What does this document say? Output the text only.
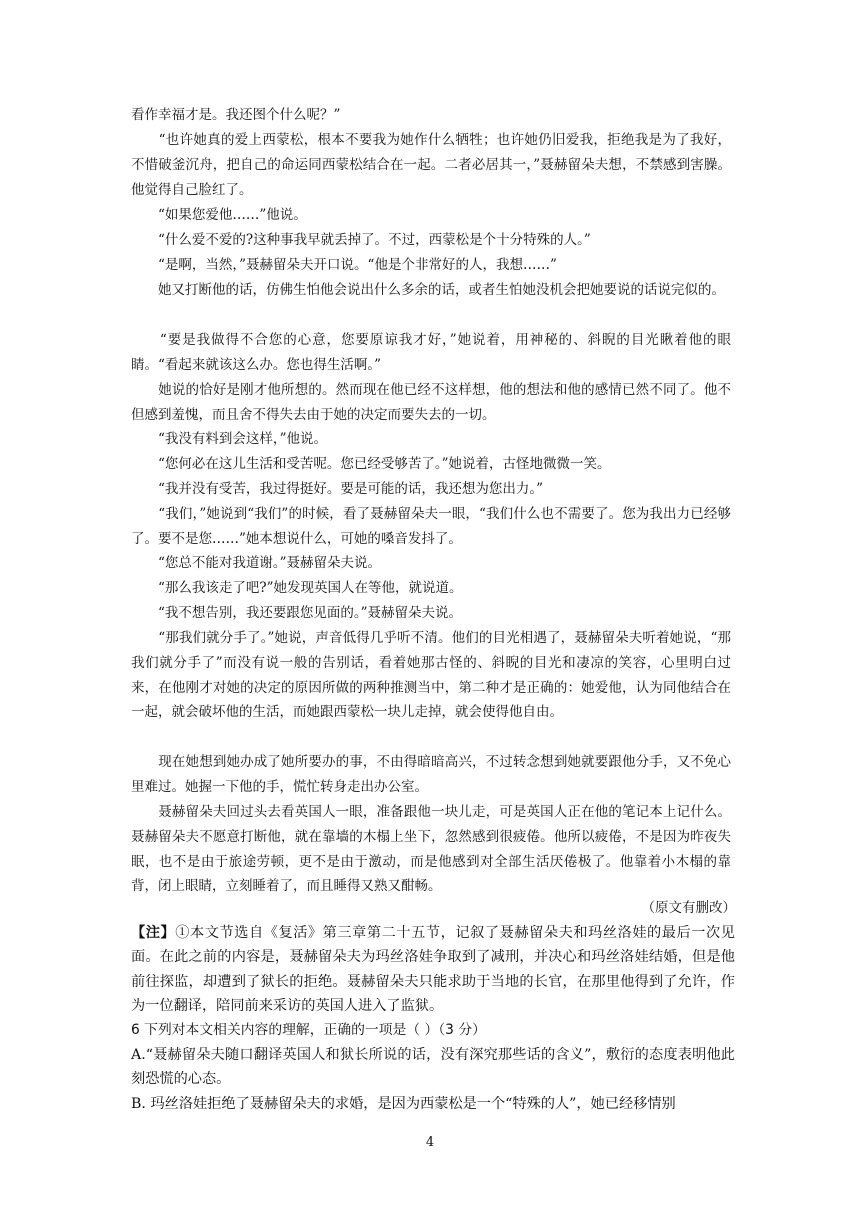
看作幸福才是。我还图个什么呢？”

　　“也许她真的爱上西蒙松，根本不要我为她作什么牺牲；也许她仍旧爱我，拒绝我是为了我好，不惜破釜沉舟，把自己的命运同西蒙松结合在一起。二者必居其一，”聂赫留朵夫想，不禁感到害臊。他觉得自己脸红了。

　　“如果您爱他……”他说。

　　“什么爱不爱的?这种事我早就丢掉了。不过，西蒙松是个十分特殊的人。”

　　“是啊，当然，”聂赫留朵夫开口说。“他是个非常好的人，我想……”

　　她又打断他的话，仿佛生怕他会说出什么多余的话，或者生怕她没机会把她要说的话说完似的。

　　“要是我做得不合您的心意，您要原谅我才好，”她说着，用神秘的、斜睨的目光瞅着他的眼睛。“看起来就该这么办。您也得生活啊。”

　　她说的恰好是刚才他所想的。然而现在他已经不这样想，他的想法和他的感情已然不同了。他不但感到羞愧，而且舍不得失去由于她的决定而要失去的一切。

　　“我没有料到会这样，”他说。

　　“您何必在这儿生活和受苦呢。您已经受够苦了。”她说着，古怪地微微一笑。

　　“我并没有受苦，我过得挺好。要是可能的话，我还想为您出力。”

　　“我们，”她说到“我们”的时候，看了聂赫留朵夫一眼，“我们什么也不需要了。您为我出力已经够了。要不是您……”她本想说什么，可她的嗓音发抖了。

　　“您总不能对我道谢。”聂赫留朵夫说。

　　“那么我该走了吧?”她发现英国人在等他，就说道。

　　“我不想告别，我还要跟您见面的。”聂赫留朵夫说。

　　“那我们就分手了。”她说，声音低得几乎听不清。他们的目光相遇了，聂赫留朵夫听着她说，“那我们就分手了”而没有说一般的告别话，看着她那古怪的、斜睨的目光和凄凉的笑容，心里明白过来，在他刚才对她的决定的原因所做的两种推测当中，第二种才是正确的：她爱他，认为同他结合在一起，就会破坏他的生活，而她跟西蒙松一块儿走掉，就会使得他自由。

　　现在她想到她办成了她所要办的事，不由得暗暗高兴，不过转念想到她就要跟他分手，又不免心里难过。她握一下他的手，慌忙转身走出办公室。

　　聂赫留朵夫回过头去看英国人一眼，准备跟他一块儿走，可是英国人正在他的笔记本上记什么。聂赫留朵夫不愿意打断他，就在靠墙的木榻上坐下，忽然感到很疲倦。他所以疲倦，不是因为昨夜失眠，也不是由于旅途劳顿，更不是由于激动，而是他感到对全部生活厌倦极了。他靠着小木榻的靠背，闭上眼睛，立刻睡着了，而且睡得又熟又酣畅。

（原文有删改）

【注】①本文节选自《复活》第三章第二十五节，记叙了聂赫留朵夫和玛丝洛娃的最后一次见面。在此之前的内容是，聂赫留朵夫为玛丝洛娃争取到了减刑，并决心和玛丝洛娃结婚，但是他前往探监，却遭到了狱长的拒绝。聂赫留朵夫只能求助于当地的长官，在那里他得到了允许，作为一位翻译，陪同前来采访的英国人进入了监狱。

6 下列对本文相关内容的理解，正确的一项是（ ）（3 分）

A.“聂赫留朵夫随口翻译英国人和狱长所说的话，没有深究那些话的含义”，敷衍的态度表明他此刻恐慌的心态。

B. 玛丝洛娃拒绝了聂赫留朵夫的求婚，是因为西蒙松是一个“特殊的人”，她已经移情别

4
